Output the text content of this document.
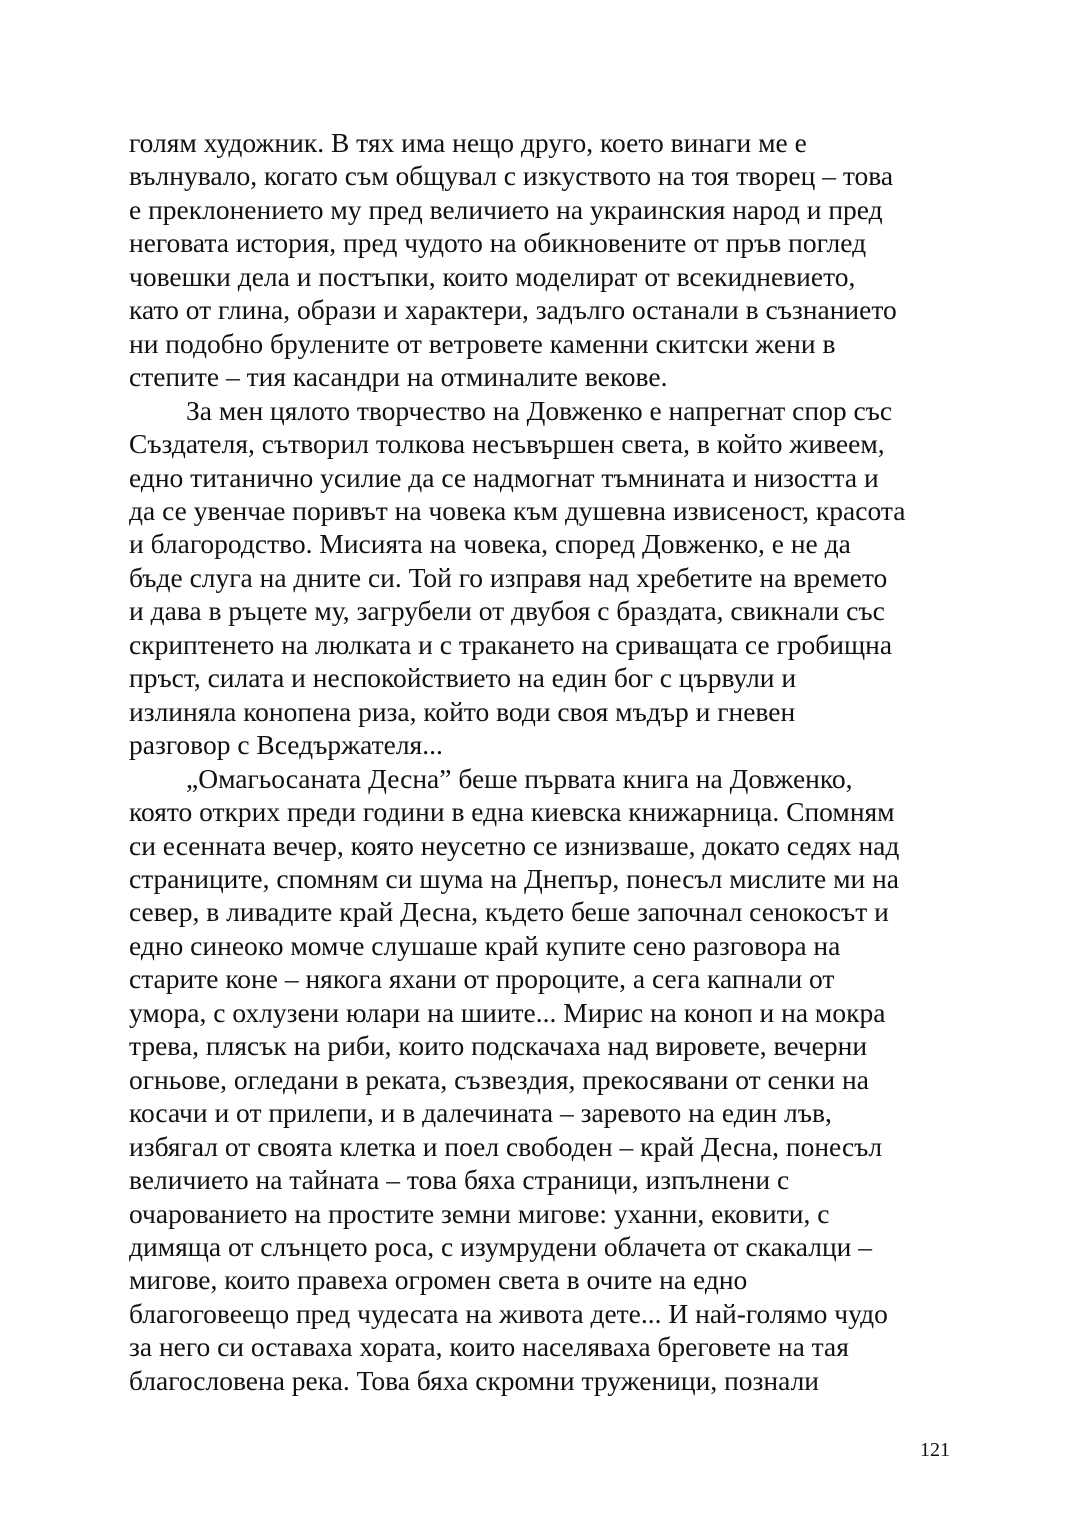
голям художник. В тях има нещо друго, което винаги ме е
вълнувало, когато съм общувал с изкуството на тоя творец – това
е преклонението му пред величието на украинския народ и пред
неговата история, пред чудото на обикновените от пръв поглед
човешки дела и постъпки, които моделират от всекидневието,
като от глина, образи и характери, задълго останали в съзнанието
ни подобно брулените от ветровете каменни скитски жени в
степите – тия касандри на отминалите векове.
За мен цялото творчество на Довженко е напрегнат спор със
Създателя, сътворил толкова несъвършен света, в който живеем,
едно титанично усилие да се надмогнат тъмнината и низостта и
да се увенчае поривът на човека към душевна извисеност, красота
и благородство. Мисията на човека, според Довженко, е не да
бъде слуга на дните си. Той го изправя над хребетите на времето
и дава в ръцете му, загрубели от двубоя с браздата, свикнали със
скриптенето на люлката и с тракането на сриващата се гробищна
пръст, силата и неспокойствието на един бог с цървули и
излиняла конопена риза, който води своя мъдър и гневен
разговор с Вседържателя...
„Омагьосаната Десна” беше първата книга на Довженко,
която открих преди години в една киевска книжарница. Спомням
си есенната вечер, която неусетно се изнизваше, докато седях над
страниците, спомням си шума на Днепър, понесъл мислите ми на
север, в ливадите край Десна, където беше започнал сенокосът и
едно синеоко момче слушаше край купите сено разговора на
старите коне – някога яхани от пророците, а сега капнали от
умора, с охлузени юлари на шиите... Мирис на коноп и на мокра
трева, плясък на риби, които подскачаха над вировете, вечерни
огньове, огледани в реката, съзвездия, прекосявани от сенки на
косачи и от прилепи, и в далечината – заревото на един лъв,
избягал от своята клетка и поел свободен – край Десна, понесъл
величието на тайната – това бяха страници, изпълнени с
очарованието на простите земни мигове: уханни, ековити, с
димяща от слънцето роса, с изумрудени облачета от скакалци –
мигове, които правеха огромен света в очите на едно
благоговеещо пред чудесата на живота дете... И най-голямо чудо
за него си оставаха хората, които населяваха бреговете на тая
благословена река. Това бяха скромни труженици, познали
121
